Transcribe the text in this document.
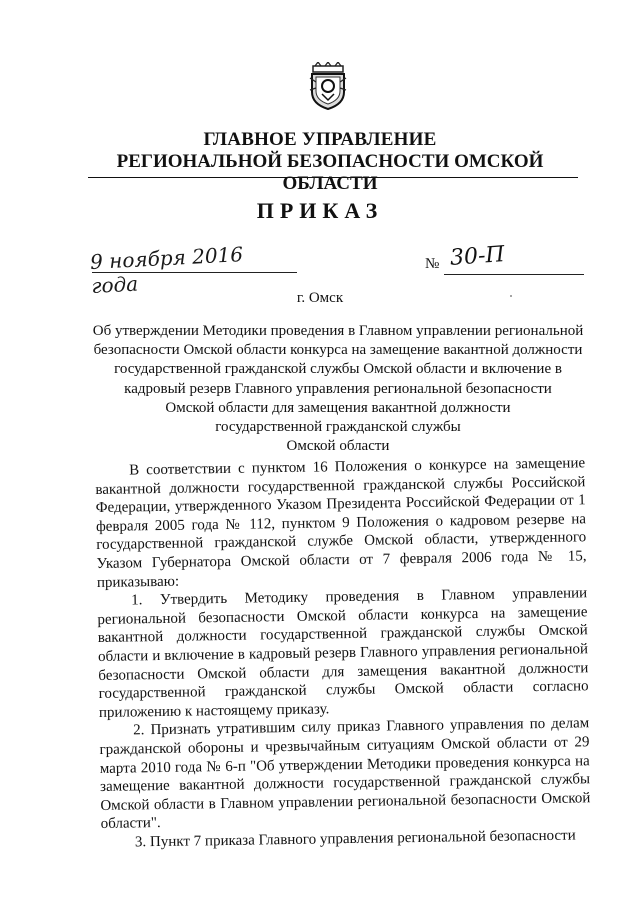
ГЛАВНОЕ УПРАВЛЕНИЕ
РЕГИОНАЛЬНОЙ БЕЗОПАСНОСТИ ОМСКОЙ ОБЛАСТИ
ПРИКАЗ
9 ноября 2016 года
№ 30-П
г. Омск
Об утверждении Методики проведения в Главном управлении региональной
безопасности Омской области конкурса на замещение вакантной должности
государственной гражданской службы Омской области и включение в
кадровый резерв Главного управления региональной безопасности
Омской области для замещения вакантной должности
государственной гражданской службы
Омской области

В соответствии с пунктом 16 Положения о конкурсе на замещение вакантной должности государственной гражданской службы Российской Федерации, утвержденного Указом Президента Российской Федерации от 1 февраля 2005 года № 112, пунктом 9 Положения о кадровом резерве на государственной гражданской службе Омской области, утвержденного Указом Губернатора Омской области от 7 февраля 2006 года № 15, приказываю:

1. Утвердить Методику проведения в Главном управлении региональной безопасности Омской области конкурса на замещение вакантной должности государственной гражданской службы Омской области и включение в кадровый резерв Главного управления региональной безопасности Омской области для замещения вакантной должности государственной гражданской службы Омской области согласно приложению к настоящему приказу.

2. Признать утратившим силу приказ Главного управления по делам гражданской обороны и чрезвычайным ситуациям Омской области от 29 марта 2010 года № 6-п "Об утверждении Методики проведения конкурса на замещение вакантной должности государственной гражданской службы Омской области в Главном управлении региональной безопасности Омской области".

3. Пункт 7 приказа Главного управления региональной безопасности
